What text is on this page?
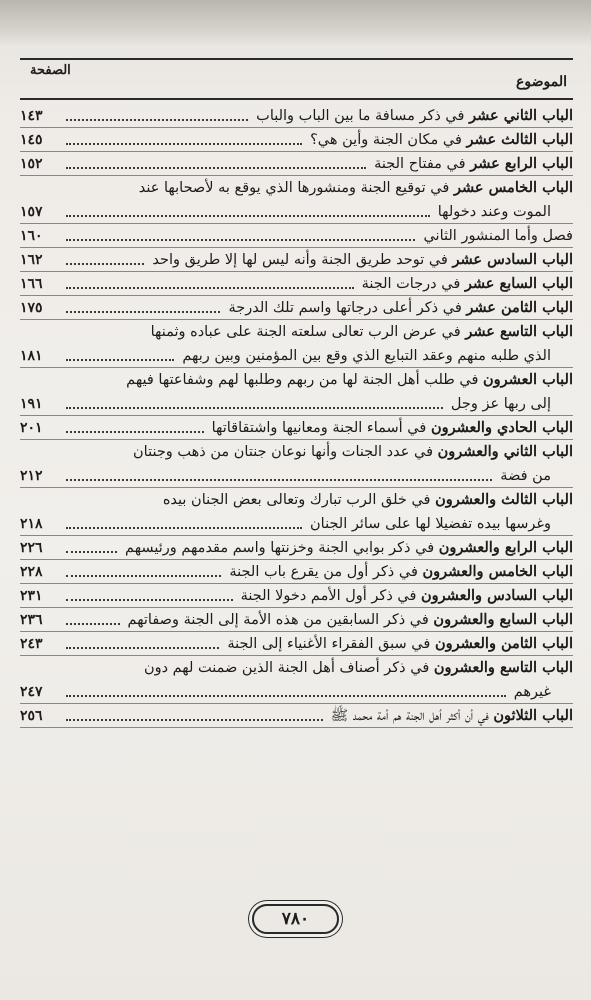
الموضوع
الصفحة
الباب الثاني عشر في ذكر مسافة ما بين الباب والباب
١٤٣
الباب الثالث عشر في مكان الجنة وأين هي؟
١٤٥
الباب الرابع عشر في مفتاح الجنة
١٥٢
الباب الخامس عشر في توقيع الجنة ومنشورها الذي يوقع به لأصحابها عند
الموت وعند دخولها
١٥٧
فصل وأما المنشور الثاني
١٦٠
الباب السادس عشر في توحد طريق الجنة وأنه ليس لها إلا طريق واحد
١٦٢
الباب السابع عشر في درجات الجنة
١٦٦
الباب الثامن عشر في ذكر أعلى درجاتها واسم تلك الدرجة
١٧٥
الباب التاسع عشر في عرض الرب تعالى سلعته الجنة على عباده وثمنها
الذي طلبه منهم وعقد التبايع الذي وقع بين المؤمنين وبين ربهم
١٨١
الباب العشرون في طلب أهل الجنة لها من ربهم وطلبها لهم وشفاعتها فيهم
إلى ربها عز وجل
١٩١
الباب الحادي والعشرون في أسماء الجنة ومعانيها واشتقاقاتها
٢٠١
الباب الثاني والعشرون في عدد الجنات وأنها نوعان جنتان من ذهب وجنتان
من فضة
٢١٢
الباب الثالث والعشرون في خلق الرب تبارك وتعالى بعض الجنان بيده
وغرسها بيده تفضيلا لها على سائر الجنان
٢١٨
الباب الرابع والعشرون في ذكر بوابي الجنة وخزنتها واسم مقدمهم ورئيسهم
٢٢٦
الباب الخامس والعشرون في ذكر أول من يقرع باب الجنة
٢٢٨
الباب السادس والعشرون في ذكر أول الأمم دخولا الجنة
٢٣١
الباب السابع والعشرون في ذكر السابقين من هذه الأمة إلى الجنة وصفاتهم
٢٣٦
الباب الثامن والعشرون في سبق الفقراء الأغنياء إلى الجنة
٢٤٣
الباب التاسع والعشرون في ذكر أصناف أهل الجنة الذين ضمنت لهم دون
غيرهم
٢٤٧
الباب الثلاثون في أن أكثر أهل الجنة هم أمة محمد ﷺ
٢٥٦
٧٨٠
